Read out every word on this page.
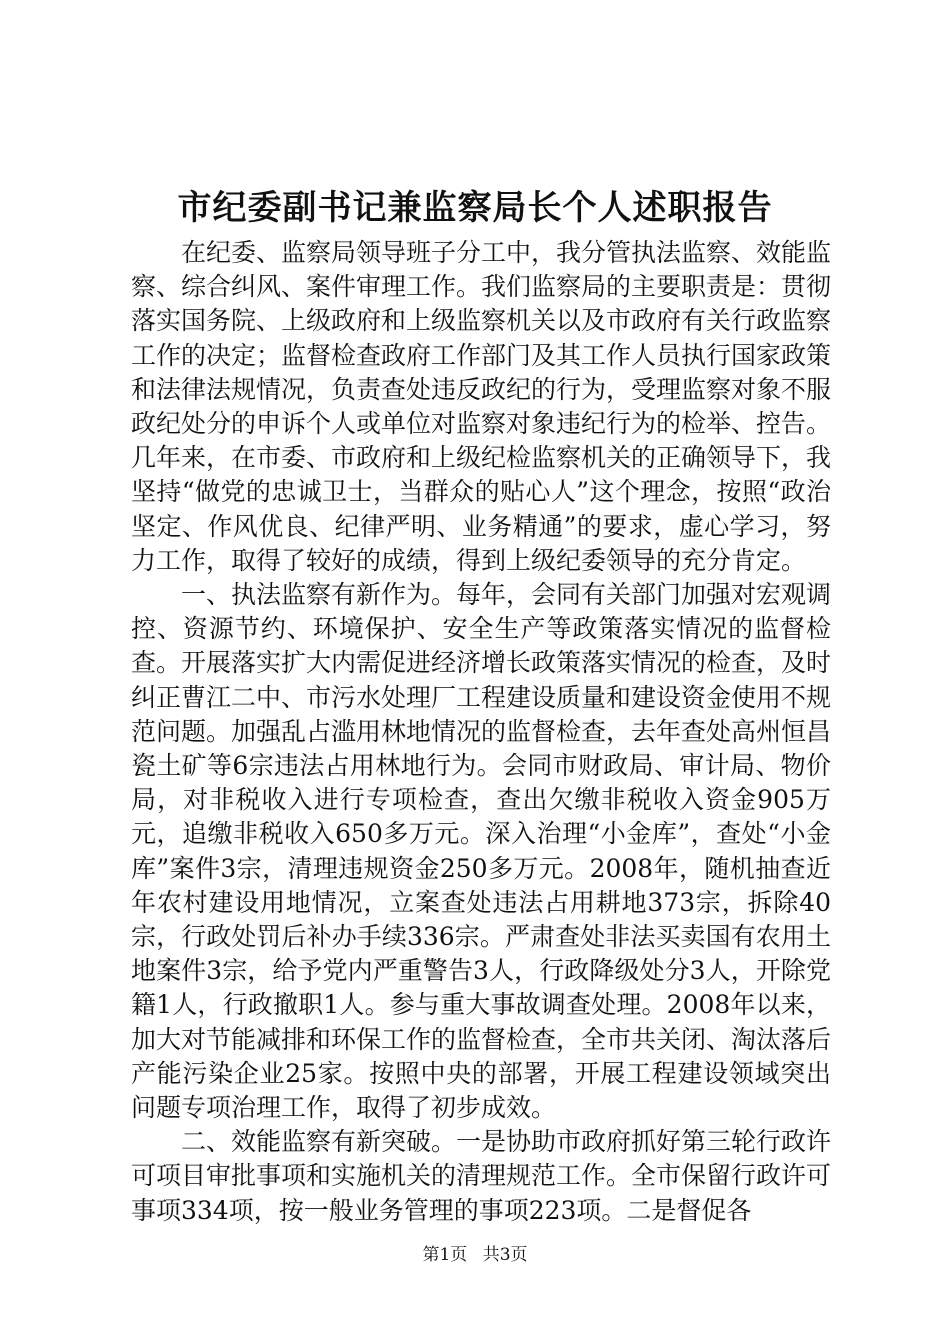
市纪委副书记兼监察局长个人述职报告

在纪委、监察局领导班子分工中，我分管执法监察、效能监察、综合纠风、案件审理工作。我们监察局的主要职责是：贯彻落实国务院、上级政府和上级监察机关以及市政府有关行政监察工作的决定；监督检查政府工作部门及其工作人员执行国家政策和法律法规情况，负责查处违反政纪的行为，受理监察对象不服政纪处分的申诉个人或单位对监察对象违纪行为的检举、控告。几年来，在市委、市政府和上级纪检监察机关的正确领导下，我坚持“做党的忠诚卫士，当群众的贴心人”这个理念，按照“政治坚定、作风优良、纪律严明、业务精通”的要求，虚心学习，努力工作，取得了较好的成绩，得到上级纪委领导的充分肯定。

一、执法监察有新作为。每年，会同有关部门加强对宏观调控、资源节约、环境保护、安全生产等政策落实情况的监督检查。开展落实扩大内需促进经济增长政策落实情况的检查，及时纠正曹江二中、市污水处理厂工程建设质量和建设资金使用不规范问题。加强乱占滥用林地情况的监督检查，去年查处高州恒昌瓷土矿等6宗违法占用林地行为。会同市财政局、审计局、物价局，对非税收入进行专项检查，查出欠缴非税收入资金905万元，追缴非税收入650多万元。深入治理“小金库”，查处“小金库”案件3宗，清理违规资金250多万元。2008年，随机抽查近年农村建设用地情况，立案查处违法占用耕地373宗，拆除40宗，行政处罚后补办手续336宗。严肃查处非法买卖国有农用土地案件3宗，给予党内严重警告3人，行政降级处分3人，开除党籍1人，行政撤职1人。参与重大事故调查处理。2008年以来，加大对节能减排和环保工作的监督检查，全市共关闭、淘汰落后产能污染企业25家。按照中央的部署，开展工程建设领域突出问题专项治理工作，取得了初步成效。

二、效能监察有新突破。一是协助市政府抓好第三轮行政许可项目审批事项和实施机关的清理规范工作。全市保留行政许可事项334项，按一般业务管理的事项223项。二是督促各

第1页 共3页
